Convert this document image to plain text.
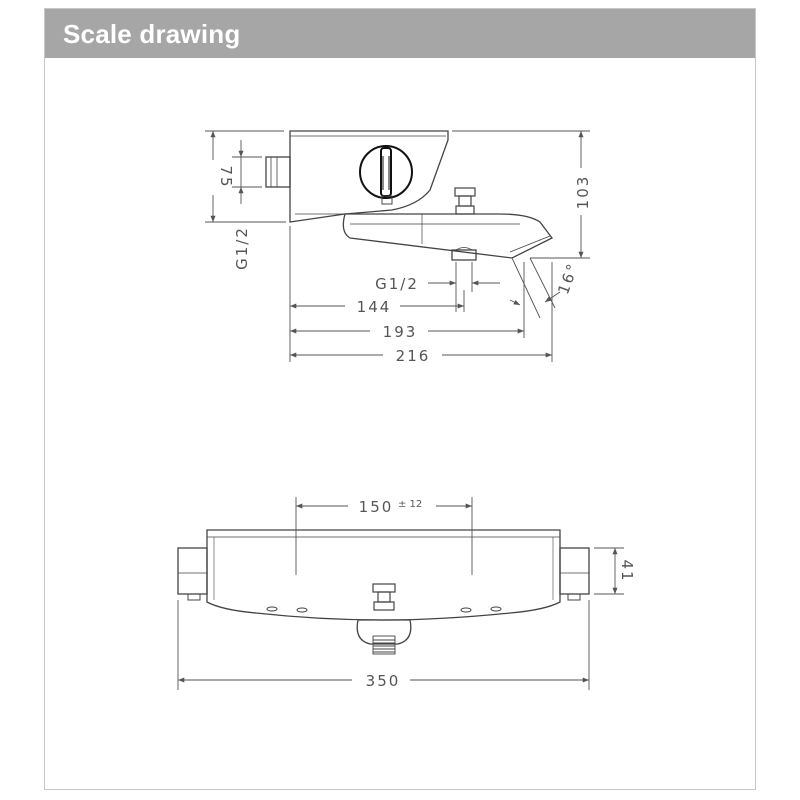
Scale drawing
75
G1/2
103
G1/2	16°
144
193
216
150 ± 12
41
350
